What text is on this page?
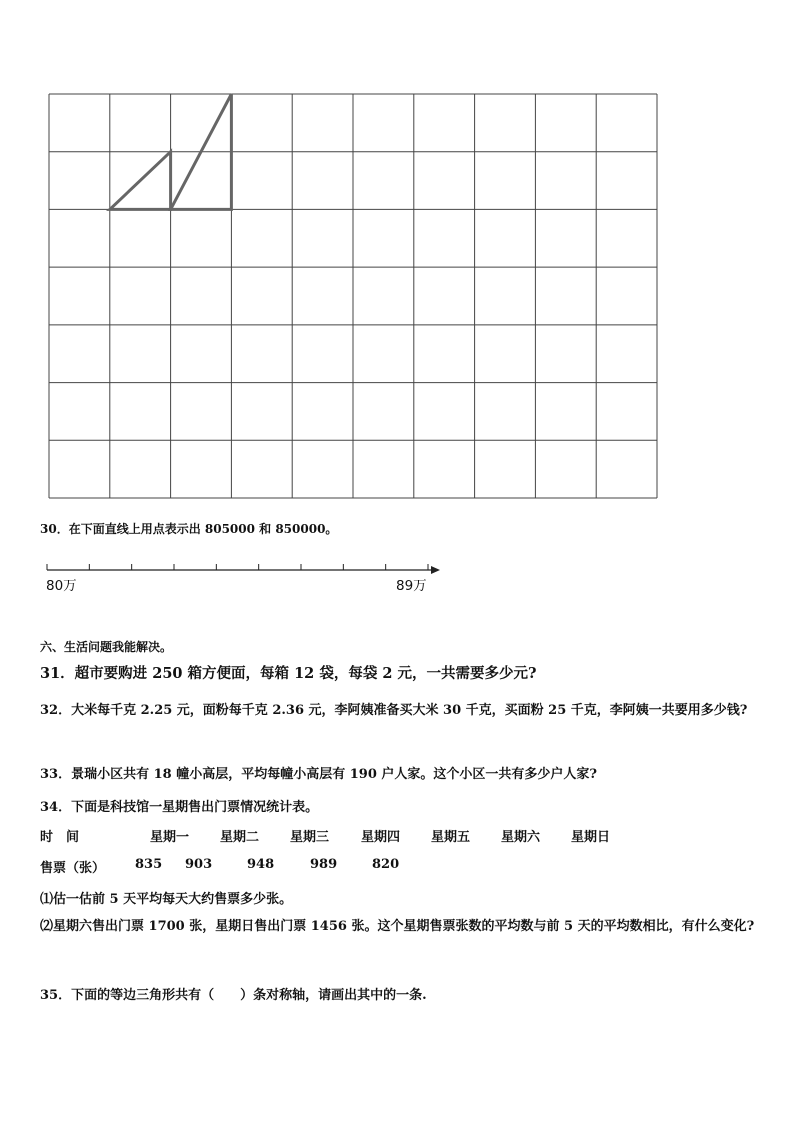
30．在下面直线上用点表示出 805000 和 850000。
80万	89万
六、生活问题我能解决。
31．超市要购进 250 箱方便面，每箱 12 袋，每袋 2 元，一共需要多少元?
32．大米每千克 2.25 元，面粉每千克 2.36 元，李阿姨准备买大米 30 千克，买面粉 25 千克，李阿姨一共要用多少钱?
33．景瑞小区共有 18 幢小高层，平均每幢小高层有 190 户人家。这个小区一共有多少户人家?
34．下面是科技馆一星期售出门票情况统计表。
时　间	星期一 星期二 星期三 星期四 星期五 星期六 星期日
售票（张） 835 903	948	989	820
⑴估一估前 5 天平均每天大约售票多少张。
⑵星期六售出门票 1700 张，星期日售出门票 1456 张。这个星期售票张数的平均数与前 5 天的平均数相比，有什么变化?
35．下面的等边三角形共有（　　）条对称轴，请画出其中的一条.
